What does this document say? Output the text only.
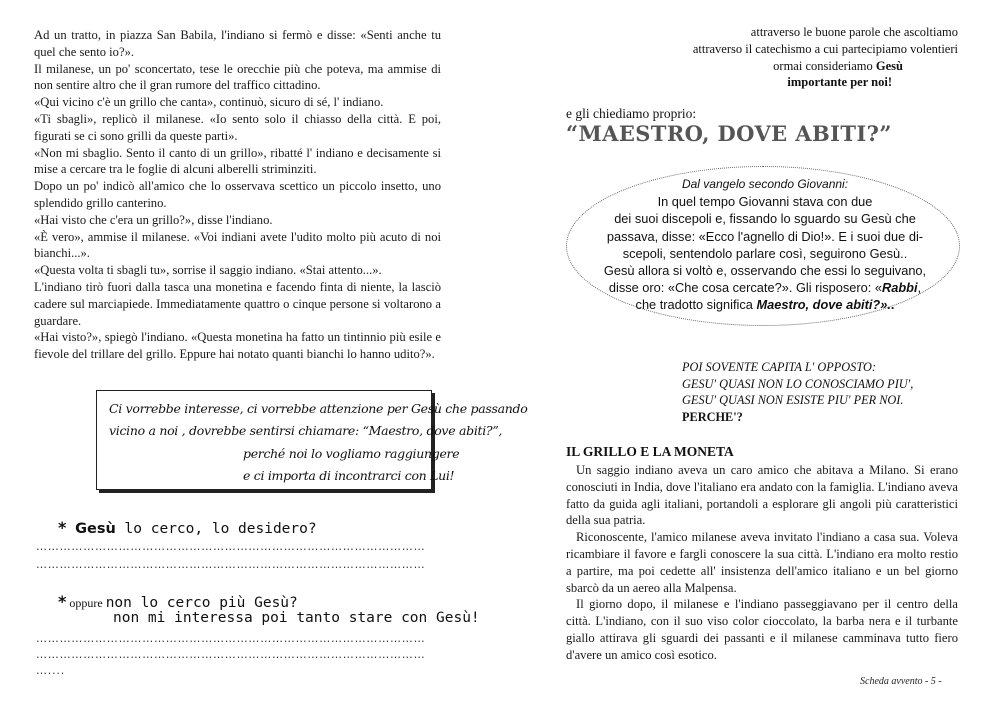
Ad un tratto, in piazza San Babila, l'indiano si fermò e disse: «Senti anche tu quel che sento io?».

Il milanese, un po' sconcertato, tese le orecchie più che poteva, ma ammise di non sentire altro che il gran rumore del traffico cittadino.

«Qui vicino c'è un grillo che canta», continuò, sicuro di sé, l' indiano.

«Ti sbagli», replicò il milanese. «Io sento solo il chiasso della città. E poi, figurati se ci sono grilli da queste parti».

«Non mi sbaglio. Sento il canto di un grillo», ribatté l' indiano e decisamente si mise a cercare tra le foglie di alcuni alberelli striminziti.

Dopo un po' indicò all'amico che lo osservava scettico un piccolo insetto, uno splendido grillo canterino.

«Hai visto che c'era un grillo?», disse l'indiano.

«È vero», ammise il milanese. «Voi indiani avete l'udito molto più acuto di noi bianchi...».

«Questa volta ti sbagli tu», sorrise il saggio indiano. «Stai attento...».

L'indiano tirò fuori dalla tasca una monetina e facendo finta di niente, la lasciò cadere sul marciapiede. Immediatamente quattro o cinque persone si voltarono a guardare.

«Hai visto?», spiegò l'indiano. «Questa monetina ha fatto un tintinnio più esile e fievole del trillare del grillo. Eppure hai notato quanti bianchi lo hanno udito?».

Ci vorrebbe interesse, ci vorrebbe attenzione per Gesù che passando
vicino a noi , dovrebbe sentirsi chiamare: “Maestro, dove abiti?”,
perché noi lo vogliamo raggiungere
e ci importa di incontrarci con Lui!
* Gesù lo cerco, lo desidero?
………………………………………………………………………………………
………………………………………………………………………………………
* oppure non lo cerco più Gesù?
non mi interessa poi tanto stare con Gesù!
………………………………………………………………………………………
………………………………………………………………………………………
…....
attraverso le buone parole che ascoltiamo
attraverso il catechismo a cui partecipiamo volentieri
ormai consideriamo Gesù
importante per noi!
e gli chiediamo proprio:
“MAESTRO, DOVE ABITI?”
Dal vangelo secondo Giovanni:
In quel tempo Giovanni stava con due
dei suoi discepoli e, fissando lo sguardo su Gesù che
passava, disse: «Ecco l'agnello di Dio!». E i suoi due di-
scepoli, sentendolo parlare così, seguirono Gesù..
Gesù allora si voltò e, osservando che essi lo seguivano,
disse oro: «Che cosa cercate?». Gli risposero: «Rabbi,
che tradotto significa Maestro, dove abiti?»..
POI SOVENTE CAPITA L' OPPOSTO:
GESU' QUASI NON LO CONOSCIAMO PIU',
GESU' QUASI NON ESISTE PIU' PER NOI.
PERCHE'?
IL GRILLO E LA MONETA

Un saggio indiano aveva un caro amico che abitava a Milano. Si erano conosciuti in India, dove l'italiano era andato con la famiglia. L'indiano aveva fatto da guida agli italiani, portandoli a esplorare gli angoli più caratteristici della sua patria.

Riconoscente, l'amico milanese aveva invitato l'indiano a casa sua. Voleva ricambiare il favore e fargli conoscere la sua città. L'indiano era molto restio a partire, ma poi cedette all' insistenza dell'amico italiano e un bel giorno sbarcò da un aereo alla Malpensa.

Il giorno dopo, il milanese e l'indiano passeggiavano per il centro della città. L'indiano, con il suo viso color cioccolato, la barba nera e il turbante giallo attirava gli sguardi dei passanti e il milanese camminava tutto fiero d'avere un amico così esotico.

Scheda avvento - 5 -
